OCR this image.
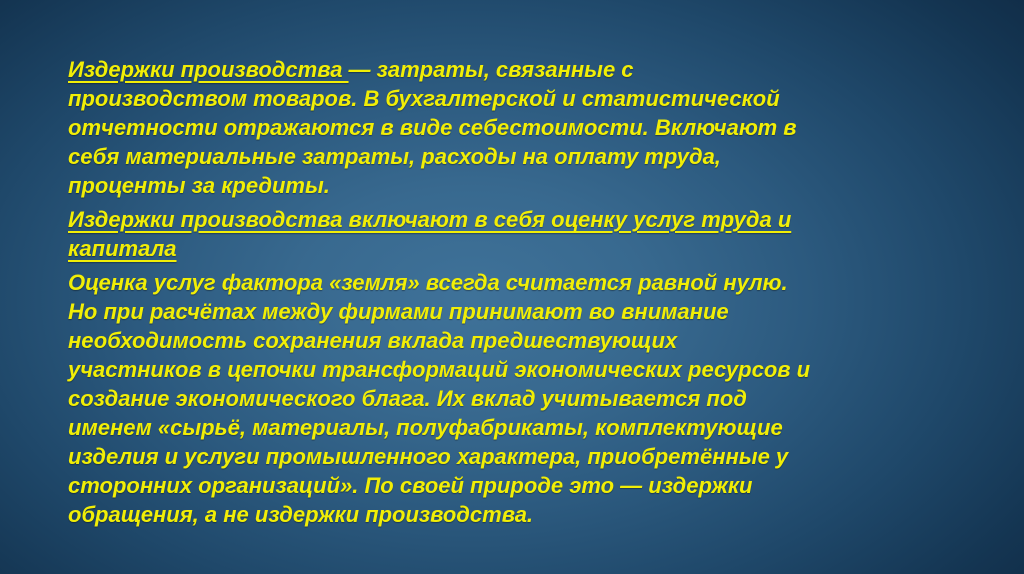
Издержки производства — затраты, связанные с
производством товаров. В бухгалтерской и статистической
отчетности отражаются в виде себестоимости. Включают в
себя материальные затраты, расходы на оплату труда,
проценты за кредиты.
Издержки производства включают в себя оценку услуг труда и
капитала
Оценка услуг фактора «земля» всегда считается равной нулю.
Но при расчётах между фирмами принимают во внимание
необходимость сохранения вклада предшествующих
участников в цепочки трансформаций экономических ресурсов и
создание экономического блага. Их вклад учитывается под
именем «сырьё, материалы, полуфабрикаты, комплектующие
изделия и услуги промышленного характера, приобретённые у
сторонних организаций». По своей природе это — издержки
обращения, а не издержки производства.
